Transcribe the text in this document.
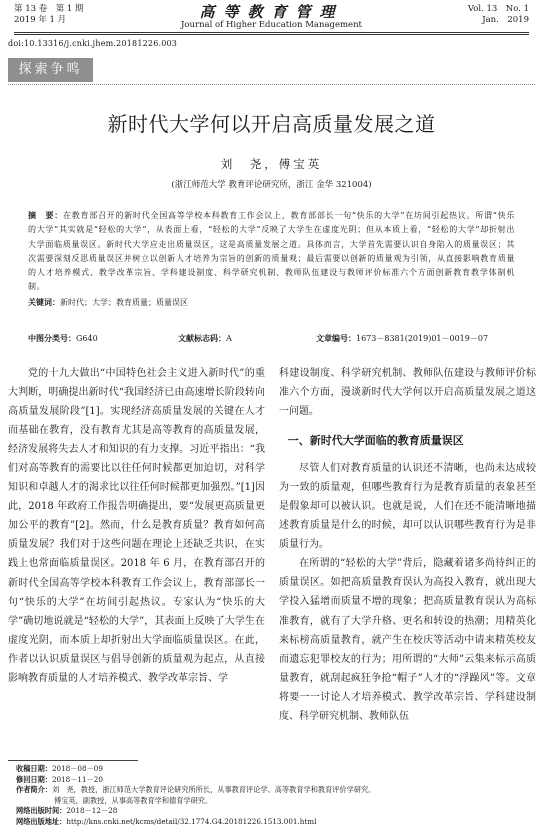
第 13 卷　第 1 期
2019 年 1 月	高等教育管理
Journal of Higher Education Management
Vol. 13　No. 1
Jan.　2019
doi:10.13316/j.cnki.jhem.20181226.003
探索争鸣
新时代大学何以开启高质量发展之道
刘　尧，傅宝英
(浙江师范大学 教育评论研究所，浙江 金华 321004)
摘　要：在教育部召开的新时代全国高等学校本科教育工作会议上，教育部部长一句“快乐的大学”在坊间引起热议。所谓“快乐的大学”其实就是“轻松的大学”，从表面上看，“轻松的大学”反映了大学生在虚度光阴；但从本质上看，“轻松的大学”却折射出大学面临质量误区。新时代大学应走出质量误区，这是高质量发展之道。具体而言，大学首先需要认识自身陷入的质量误区；其次需要深刻反思质量误区并树立以创新人才培养为宗旨的创新的质量观；最后需要以创新的质量观为引领，从直接影响教育质量的人才培养模式、教学改革宗旨、学科建设制度、科学研究机制、教师队伍建设与教师评价标准六个方面创新教育教学体制机制。
关键词：新时代；大学；教育质量；质量误区
中图分类号：G640	文献标志码：A	文章编号：1673－8381(2019)01－0019－07

党的十九大做出“中国特色社会主义进入新时代”的重大判断，明确提出新时代“我国经济已由高速增长阶段转向高质量发展阶段”[1]。实现经济高质量发展的关键在人才而基础在教育，没有教育尤其是高等教育的高质量发展，经济发展将失去人才和知识的有力支撑。习近平指出：“我们对高等教育的需要比以往任何时候都更加迫切，对科学知识和卓越人才的渴求比以往任何时候都更加强烈。”[1]因此，2018 年政府工作报告明确提出，要“发展更高质量更加公平的教育”[2]。然而，什么是教育质量？教育如何高质量发展？我们对于这些问题在理论上还缺乏共识，在实践上也常面临质量误区。2018 年 6 月，在教育部召开的新时代全国高等学校本科教育工作会议上，教育部部长一句“快乐的大学”在坊间引起热议。专家认为“快乐的大学”确切地说就是“轻松的大学”，其表面上反映了大学生在虚度光阴，而本质上却折射出大学面临质量误区。在此，作者以认识质量误区与倡导创新的质量观为起点，从直接影响教育质量的人才培养模式、教学改革宗旨、学

科建设制度、科学研究机制、教师队伍建设与教师评价标准六个方面，漫谈新时代大学何以开启高质量发展之道这一问题。

一、新时代大学面临的教育质量误区

尽管人们对教育质量的认识还不清晰，也尚未达成较为一致的质量观，但哪些教育行为是教育质量的表象甚至是假象却可以被认识。也就是说，人们在还不能清晰地描述教育质量是什么的时候，却可以认识哪些教育行为是非质量行为。

在所谓的“轻松的大学”背后，隐藏着诸多尚待纠正的质量误区。如把高质量教育误认为高投入教育，就出现大学投入猛增而质量不增的现象；把高质量教育误认为高标准教育，就有了大学升格、更名和转设的热潮；用精英化来标榜高质量教育，就产生在校庆等活动中请来精英校友而遗忘犯罪校友的行为；用所谓的“大师”云集来标示高质量教育，就刮起疯狂争抢“帽子”人才的“浮躁风”等。文章将要一一讨论人才培养模式、教学改革宗旨、学科建设制度、科学研究机制、教师队伍

收稿日期：2018－08－09
修回日期：2018－11－20
作者简介：刘　尧，教授，浙江师范大学教育评论研究所所长，从事教育评论学、高等教育学和教育评价学研究。
傅宝英，副教授，从事高等教育学和德育学研究。
网络出版时间：2018－12－28
网络出版地址：http://kns.cnki.net/kcms/detail/32.1774.G4.20181226.1513.001.html
